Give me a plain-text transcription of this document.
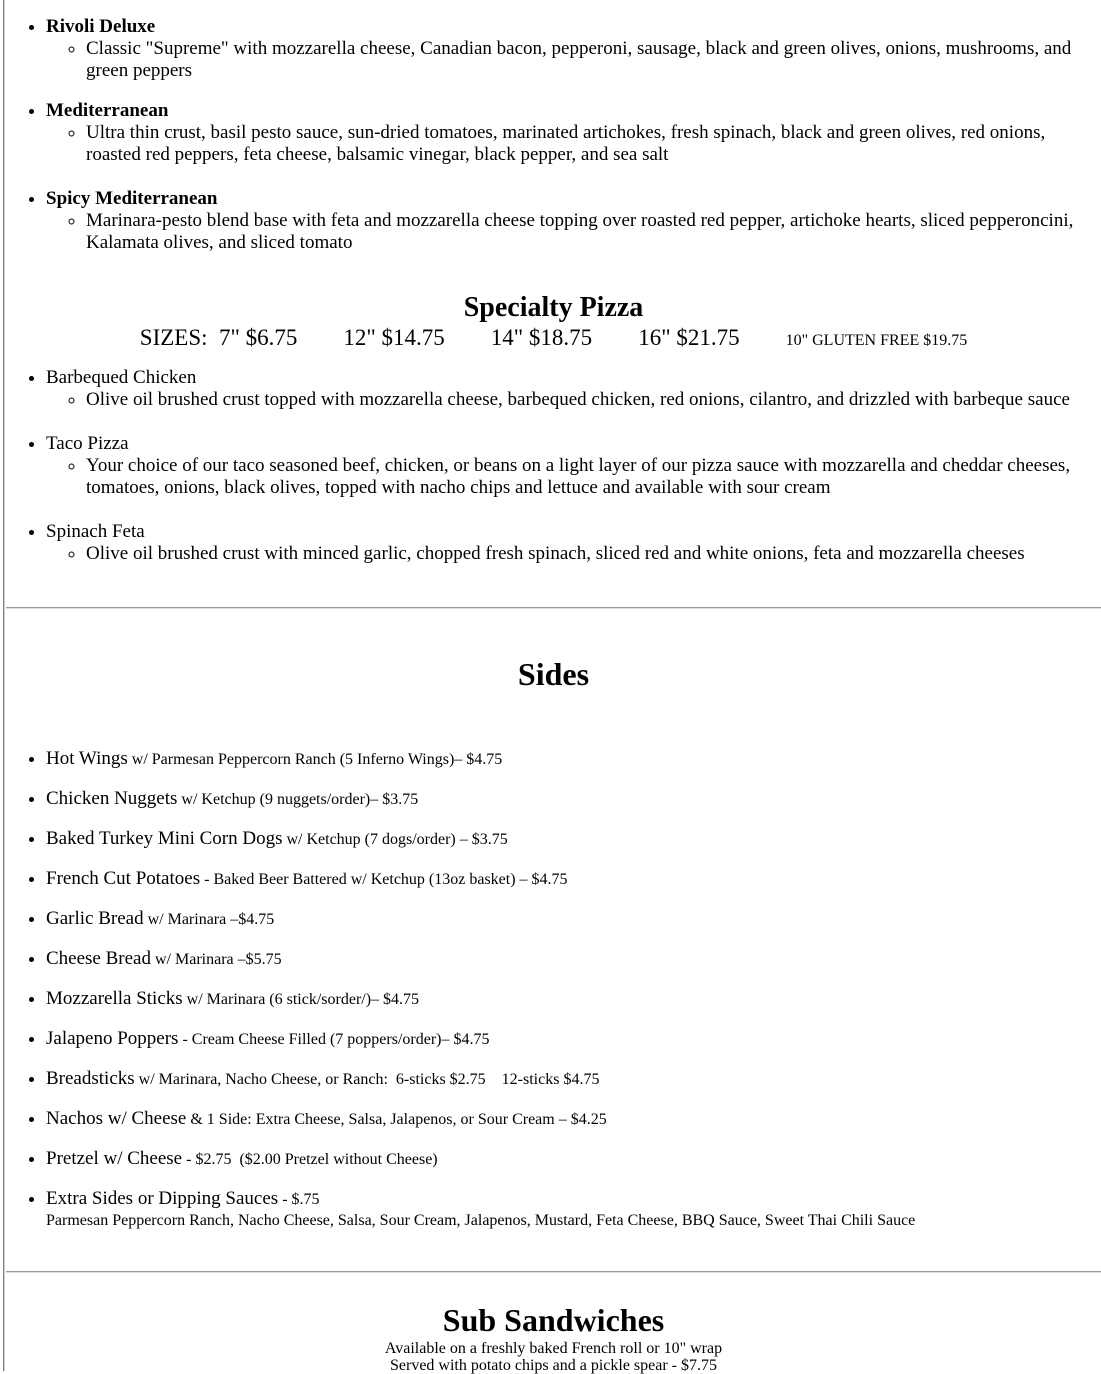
• Rivoli Deluxe
◦ Classic "Supreme" with mozzarella cheese, Canadian bacon, pepperoni, sausage, black and green olives, onions, mushrooms, and green peppers
• Mediterranean
◦ Ultra thin crust, basil pesto sauce, sun-dried tomatoes, marinated artichokes, fresh spinach, black and green olives, red onions, roasted red peppers, feta cheese, balsamic vinegar, black pepper, and sea salt
• Spicy Mediterranean
◦ Marinara-pesto blend base with feta and mozzarella cheese topping over roasted red pepper, artichoke hearts, sliced pepperoncini, Kalamata olives, and sliced tomato
Specialty Pizza
SIZES: 7" $6.75 12" $14.75 14" $18.75 16" $21.75	10" GLUTEN FREE $19.75
• Barbequed Chicken
◦ Olive oil brushed crust topped with mozzarella cheese, barbequed chicken, red onions, cilantro, and drizzled with barbeque sauce
• Taco Pizza
◦ Your choice of our taco seasoned beef, chicken, or beans on a light layer of our pizza sauce with mozzarella and cheddar cheeses, tomatoes, onions, black olives, topped with nacho chips and lettuce and available with sour cream
• Spinach Feta
◦ Olive oil brushed crust with minced garlic, chopped fresh spinach, sliced red and white onions, feta and mozzarella cheeses
Sides
• Hot Wings w/ Parmesan Peppercorn Ranch (5 Inferno Wings)– $4.75
• Chicken Nuggets w/ Ketchup (9 nuggets/order)– $3.75
• Baked Turkey Mini Corn Dogs w/ Ketchup (7 dogs/order) – $3.75
• French Cut Potatoes - Baked Beer Battered w/ Ketchup (13oz basket) – $4.75
• Garlic Bread w/ Marinara –$4.75
• Cheese Bread w/ Marinara –$5.75
• Mozzarella Sticks w/ Marinara (6 stick/sorder/)– $4.75
• Jalapeno Poppers - Cream Cheese Filled (7 poppers/order)– $4.75
• Breadsticks w/ Marinara, Nacho Cheese, or Ranch:  6-sticks $2.75    12-sticks $4.75
• Nachos w/ Cheese & 1 Side: Extra Cheese, Salsa, Jalapenos, or Sour Cream – $4.25
• Pretzel w/ Cheese - $2.75  ($2.00 Pretzel without Cheese)
• Extra Sides or Dipping Sauces - $.75
Parmesan Peppercorn Ranch, Nacho Cheese, Salsa, Sour Cream, Jalapenos, Mustard, Feta Cheese, BBQ Sauce, Sweet Thai Chili Sauce
Sub Sandwiches
Available on a freshly baked French roll or 10" wrap
Served with potato chips and a pickle spear - $7.75
